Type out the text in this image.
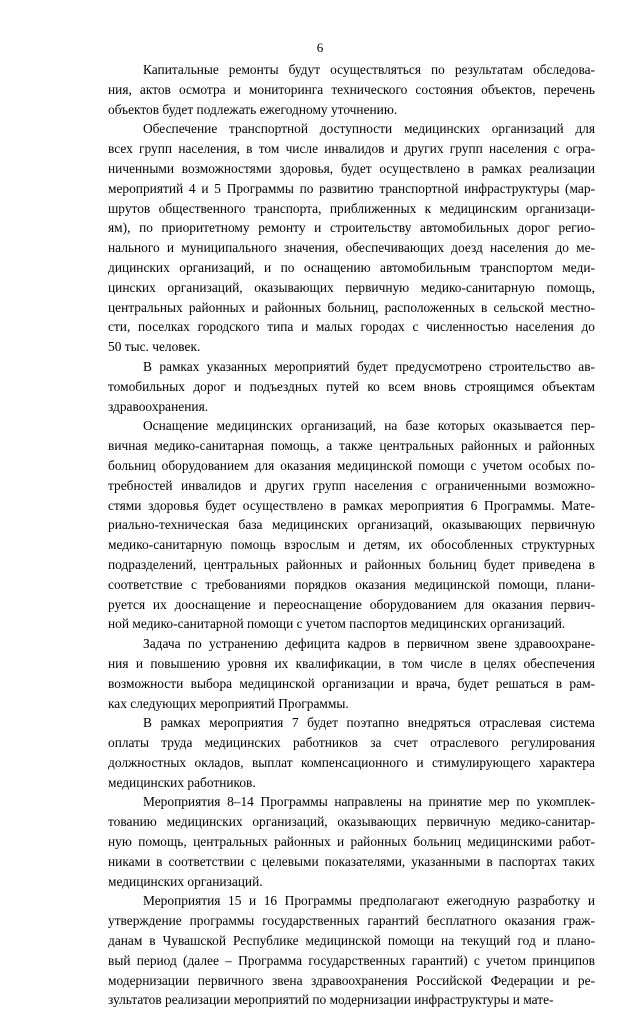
6
Капитальные ремонты будут осуществляться по результатам обследова-
ния, актов осмотра и мониторинга технического состояния объектов, перечень
объектов будет подлежать ежегодному уточнению.
Обеспечение транспортной доступности медицинских организаций для
всех групп населения, в том числе инвалидов и других групп населения с огра-
ниченными возможностями здоровья, будет осуществлено в рамках реализации
мероприятий 4 и 5 Программы по развитию транспортной инфраструктуры (мар-
шрутов общественного транспорта, приближенных к медицинским организаци-
ям), по приоритетному ремонту и строительству автомобильных дорог регио-
нального и муниципального значения, обеспечивающих доезд населения до ме-
дицинских организаций, и по оснащению автомобильным транспортом меди-
цинских организаций, оказывающих первичную медико-санитарную помощь,
центральных районных и районных больниц, расположенных в сельской местно-
сти, поселках городского типа и малых городах с численностью населения до
50 тыс. человек.
В рамках указанных мероприятий будет предусмотрено строительство ав-
томобильных дорог и подъездных путей ко всем вновь строящимся объектам
здравоохранения.
Оснащение медицинских организаций, на базе которых оказывается пер-
вичная медико-санитарная помощь, а также центральных районных и районных
больниц оборудованием для оказания медицинской помощи с учетом особых по-
требностей инвалидов и других групп населения с ограниченными возможно-
стями здоровья будет осуществлено в рамках мероприятия 6 Программы. Мате-
риально-техническая база медицинских организаций, оказывающих первичную
медико-санитарную помощь взрослым и детям, их обособленных структурных
подразделений, центральных районных и районных больниц будет приведена в
соответствие с требованиями порядков оказания медицинской помощи, плани-
руется их дооснащение и переоснащение оборудованием для оказания первич-
ной медико-санитарной помощи с учетом паспортов медицинских организаций.
Задача по устранению дефицита кадров в первичном звене здравоохране-
ния и повышению уровня их квалификации, в том числе в целях обеспечения
возможности выбора медицинской организации и врача, будет решаться в рам-
ках следующих мероприятий Программы.
В рамках мероприятия 7 будет поэтапно внедряться отраслевая система
оплаты труда медицинских работников за счет отраслевого регулирования
должностных окладов, выплат компенсационного и стимулирующего характера
медицинских работников.
Мероприятия 8–14 Программы направлены на принятие мер по укомплек-
тованию медицинских организаций, оказывающих первичную медико-санитар-
ную помощь, центральных районных и районных больниц медицинскими работ-
никами в соответствии с целевыми показателями, указанными в паспортах таких
медицинских организаций.
Мероприятия 15 и 16 Программы предполагают ежегодную разработку и
утверждение программы государственных гарантий бесплатного оказания граж-
данам в Чувашской Республике медицинской помощи на текущий год и плано-
вый период (далее – Программа государственных гарантий) с учетом принципов
модернизации первичного звена здравоохранения Российской Федерации и ре-
зультатов реализации мероприятий по модернизации инфраструктуры и мате-
